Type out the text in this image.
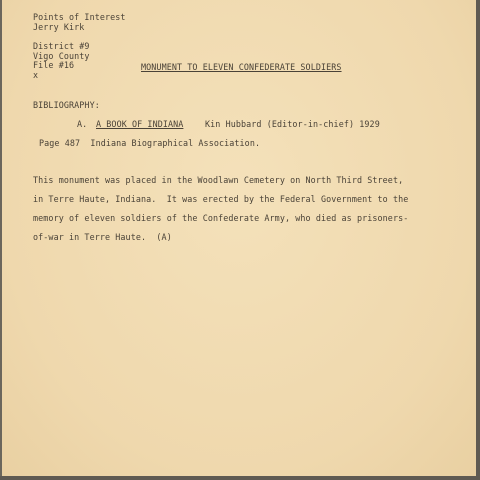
Points of Interest
Jerry Kirk
District #9
Vigo County
File #16
x
MONUMENT TO ELEVEN CONFEDERATE SOLDIERS
BIBLIOGRAPHY:
A. A BOOK OF INDIANA	Kin Hubbard (Editor-in-chief) 1929
Page 487  Indiana Biographical Association.
This monument was placed in the Woodlawn Cemetery on North Third Street,
in Terre Haute, Indiana.  It was erected by the Federal Government to the
memory of eleven soldiers of the Confederate Army, who died as prisoners-
of-war in Terre Haute.  (A)
